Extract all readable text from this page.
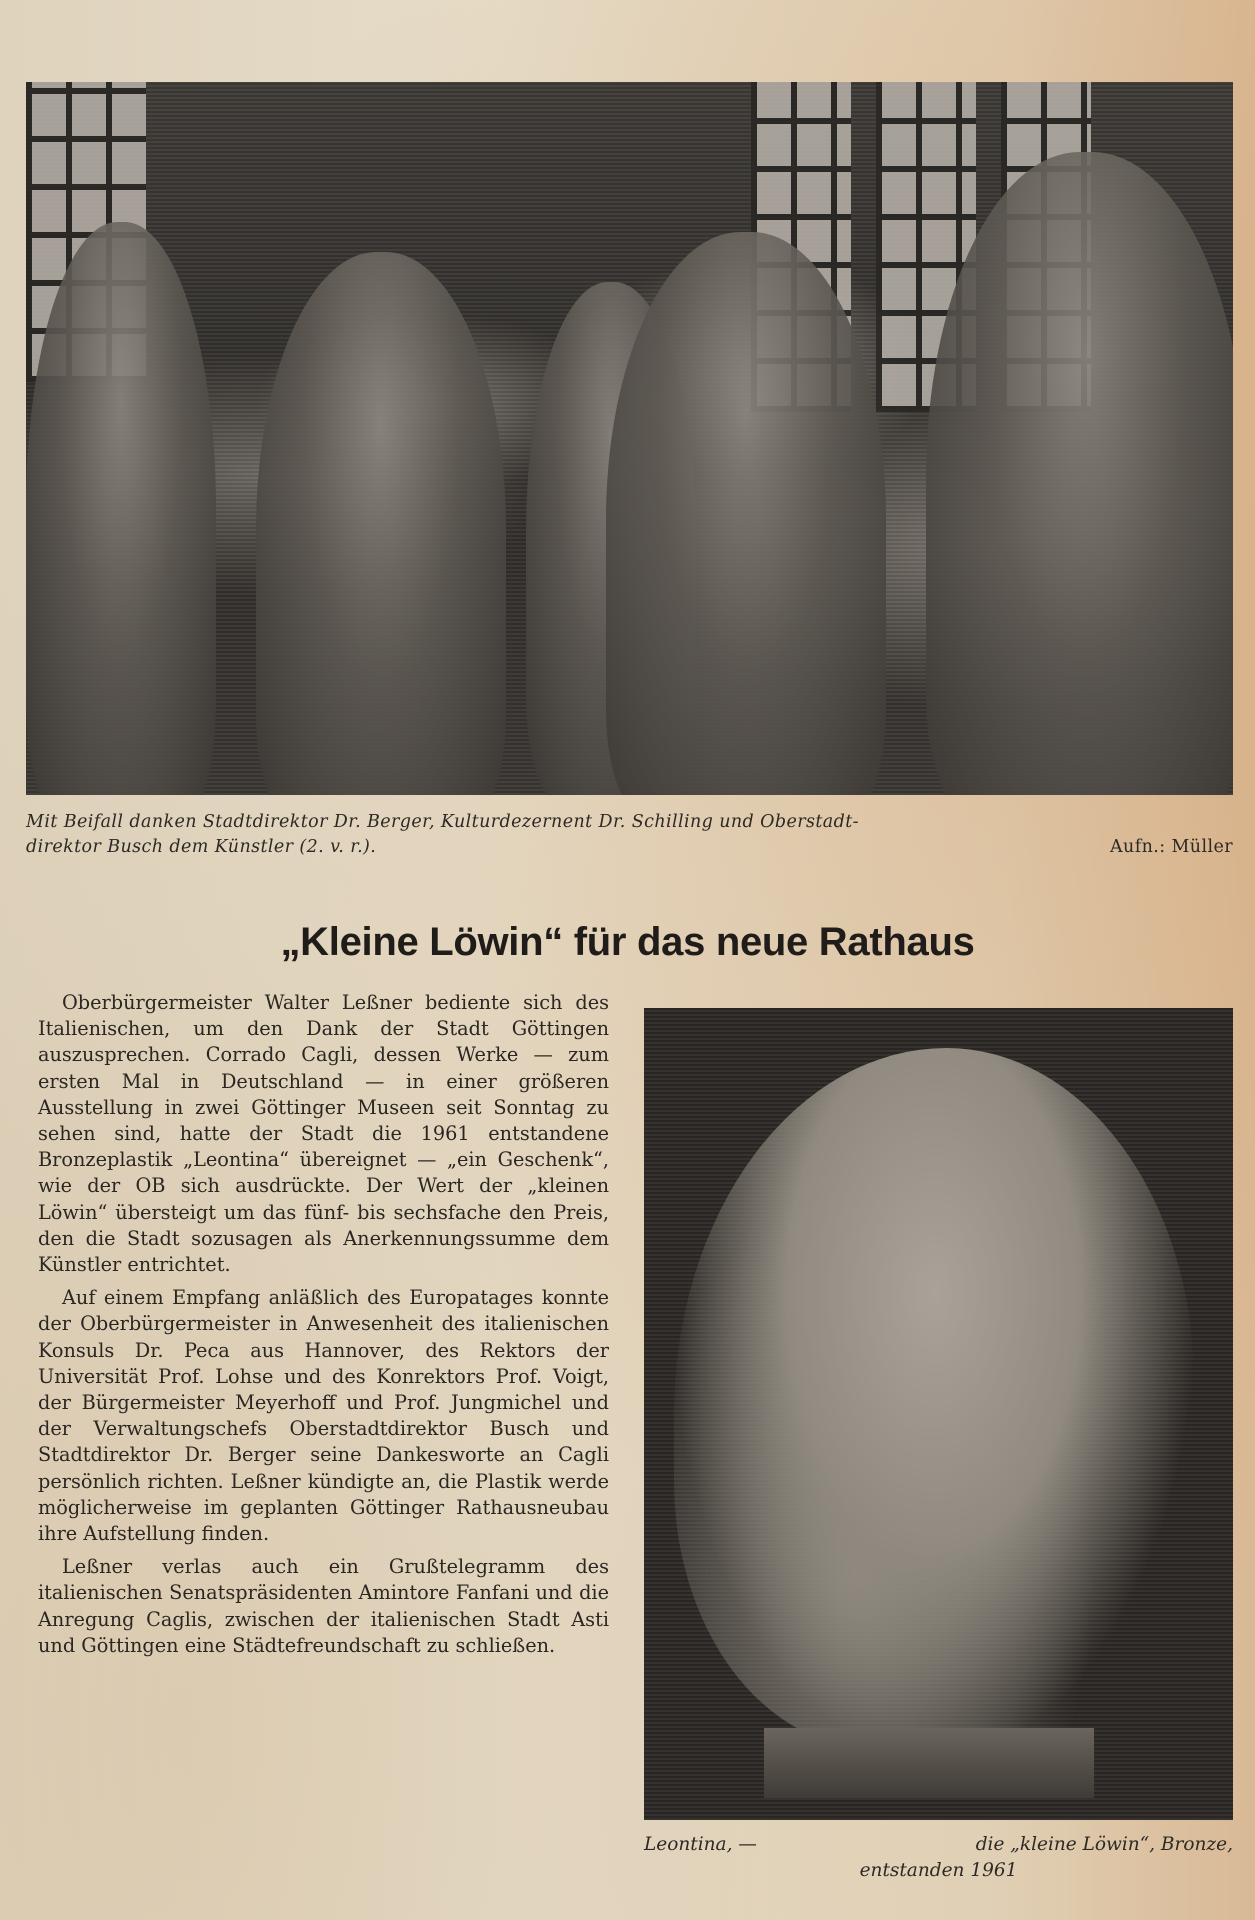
Mit Beifall danken Stadtdirektor Dr. Berger, Kulturdezernent Dr. Schilling und Oberstadt-
direktor Busch dem Künstler (2. v. r.).	Aufn.: Müller
„Kleine Löwin“ für das neue Rathaus

Oberbürgermeister Walter Leßner bediente sich des Italienischen, um den Dank der Stadt Göttingen auszusprechen. Corrado Cagli, dessen Werke — zum ersten Mal in Deutschland — in einer größeren Ausstellung in zwei Göttinger Museen seit Sonntag zu sehen sind, hatte der Stadt die 1961 entstandene Bronzeplastik „Leontina“ übereignet — „ein Geschenk“, wie der OB sich ausdrückte. Der Wert der „kleinen Löwin“ übersteigt um das fünf- bis sechsfache den Preis, den die Stadt sozusagen als Anerkennungssumme dem Künstler entrichtet.

Auf einem Empfang anläßlich des Europatages konnte der Oberbürgermeister in Anwesenheit des italienischen Konsuls Dr. Peca aus Hannover, des Rektors der Universität Prof. Lohse und des Konrektors Prof. Voigt, der Bürgermeister Meyerhoff und Prof. Jungmichel und der Verwaltungschefs Oberstadtdirektor Busch und Stadtdirektor Dr. Berger seine Dankesworte an Cagli persönlich richten. Leßner kündigte an, die Plastik werde möglicherweise im geplanten Göttinger Rathausneubau ihre Aufstellung finden.

Leßner verlas auch ein Grußtelegramm des italienischen Senatspräsidenten Amintore Fanfani und die Anregung Caglis, zwischen der italienischen Stadt Asti und Göttingen eine Städtefreundschaft zu schließen.

Leontina, —	die „kleine Löwin“, Bronze,
entstanden 1961
